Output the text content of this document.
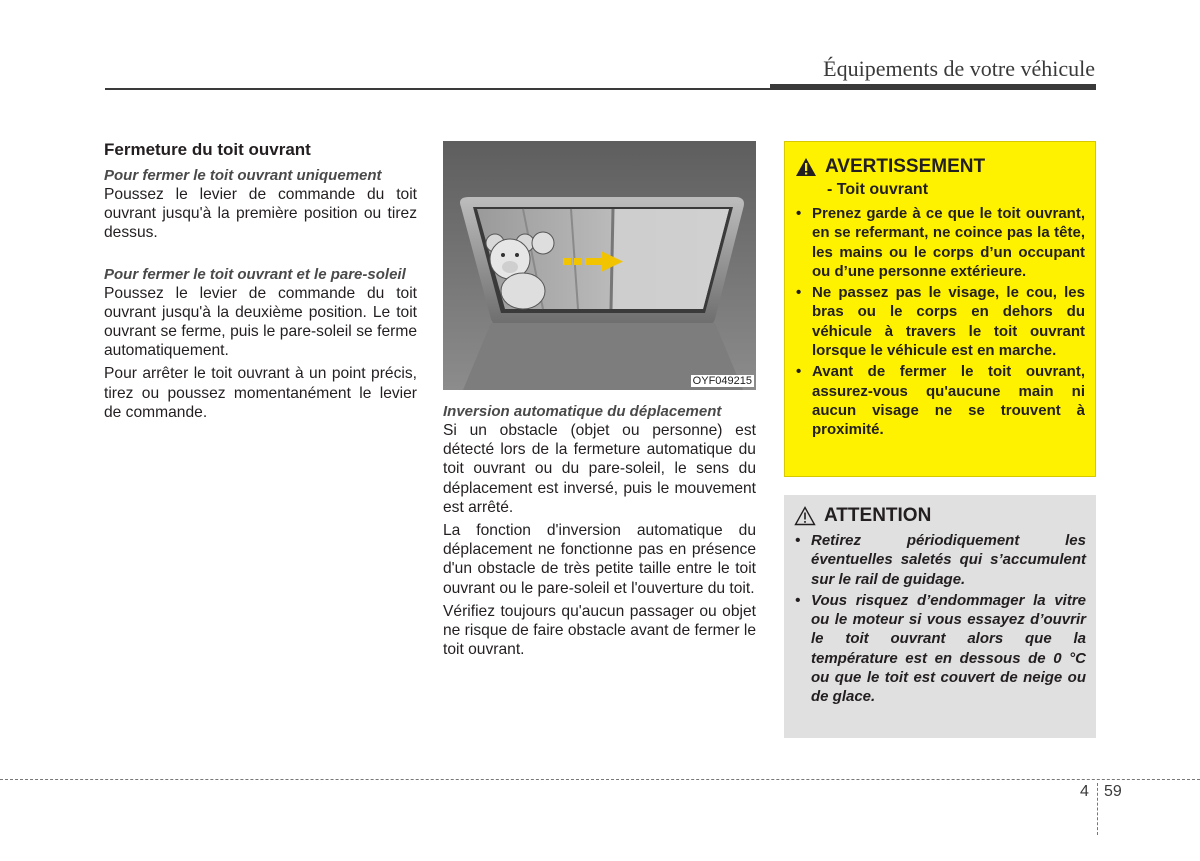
Équipements de votre véhicule
Fermeture du toit ouvrant

Pour fermer le toit ouvrant uniquement

Poussez le levier de commande du toit ouvrant jusqu'à la première position ou tirez dessus.

Pour fermer le toit ouvrant et le pare-soleil

Poussez le levier de commande du toit ouvrant jusqu'à la deuxième position. Le toit ouvrant se ferme, puis le pare-soleil se ferme automatiquement.

Pour arrêter le toit ouvrant à un point précis, tirez ou poussez momentanément le levier de commande.

OYF049215

Inversion automatique du déplacement

Si un obstacle (objet ou personne) est détecté lors de la fermeture automatique du toit ouvrant ou du pare-soleil, le sens du déplacement est inversé, puis le mouvement est arrêté.

La fonction d'inversion automatique du déplacement ne fonctionne pas en présence d'un obstacle de très petite taille entre le toit ouvrant ou le pare-soleil et l'ouverture du toit.

Vérifiez toujours qu'aucun passager ou objet ne risque de faire obstacle avant de fermer le toit ouvrant.

AVERTISSEMENT
- Toit ouvrant
• Prenez garde à ce que le toit ouvrant, en se refermant, ne coince pas la tête, les mains ou le corps d’un occupant ou d’une personne extérieure.
• Ne passez pas le visage, le cou, les bras ou le corps en dehors du véhicule à travers le toit ouvrant lorsque le véhicule est en marche.
• Avant de fermer le toit ouvrant, assurez-vous qu'aucune main ni aucun visage ne se trouvent à proximité.
ATTENTION
• Retirez périodiquement les éventuelles saletés qui s’accumulent sur le rail de guidage.
• Vous risquez d’endommager la vitre ou le moteur si vous essayez d’ouvrir le toit ouvrant alors que la température est en dessous de 0 °C ou que le toit est couvert de neige ou de glace.
4 59
